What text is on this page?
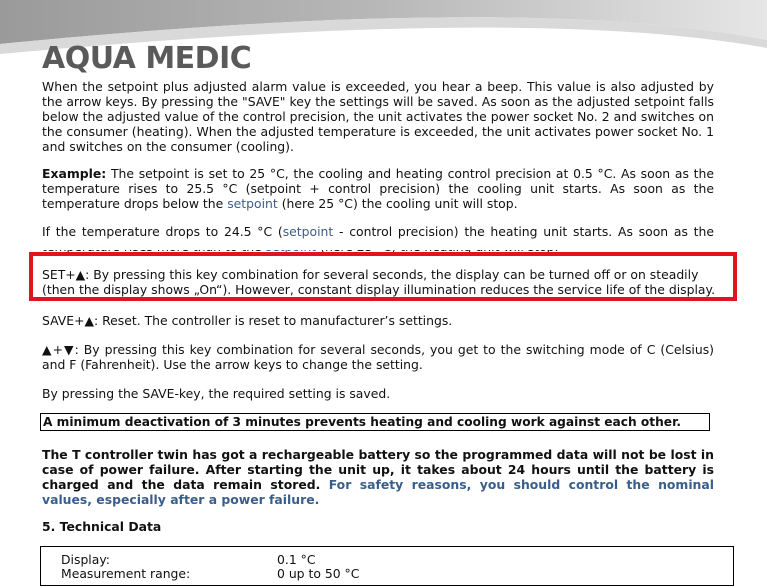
AQUA MEDIC
When the setpoint plus adjusted alarm value is exceeded, you hear a beep. This value is also adjusted by the arrow keys. By pressing the "SAVE" key the settings will be saved. As soon as the adjusted setpoint falls below the adjusted value of the control precision, the unit activates the power socket No. 2 and switches on the consumer (heating). When the adjusted temperature is exceeded, the unit activates power socket No. 1 and switches on the consumer (cooling).
Example: The setpoint is set to 25 °C, the cooling and heating control precision at 0.5 °C. As soon as the temperature rises to 25.5 °C (setpoint + control precision) the cooling unit starts. As soon as the temperature drops below the setpoint (here 25 °C) the cooling unit will stop.
If the temperature drops to 24.5 °C (setpoint - control precision) the heating unit starts. As soon as the
SET+▲: By pressing this key combination for several seconds, the display can be turned off or on steadily (then the display shows „On“). However, constant display illumination reduces the service life of the display.
SAVE+▲: Reset. The controller is reset to manufacturer’s settings.
▲+▼: By pressing this key combination for several seconds, you get to the switching mode of C (Celsius) and F (Fahrenheit). Use the arrow keys to change the setting.
By pressing the SAVE-key, the required setting is saved.
A minimum deactivation of 3 minutes prevents heating and cooling work against each other.
The T controller twin has got a rechargeable battery so the programmed data will not be lost in case of power failure. After starting the unit up, it takes about 24 hours until the battery is charged and the data remain stored. For safety reasons, you should control the nominal values, especially after a power failure.
5. Technical Data
Display:	0.1 °C
Measurement range:	0 up to 50 °C
